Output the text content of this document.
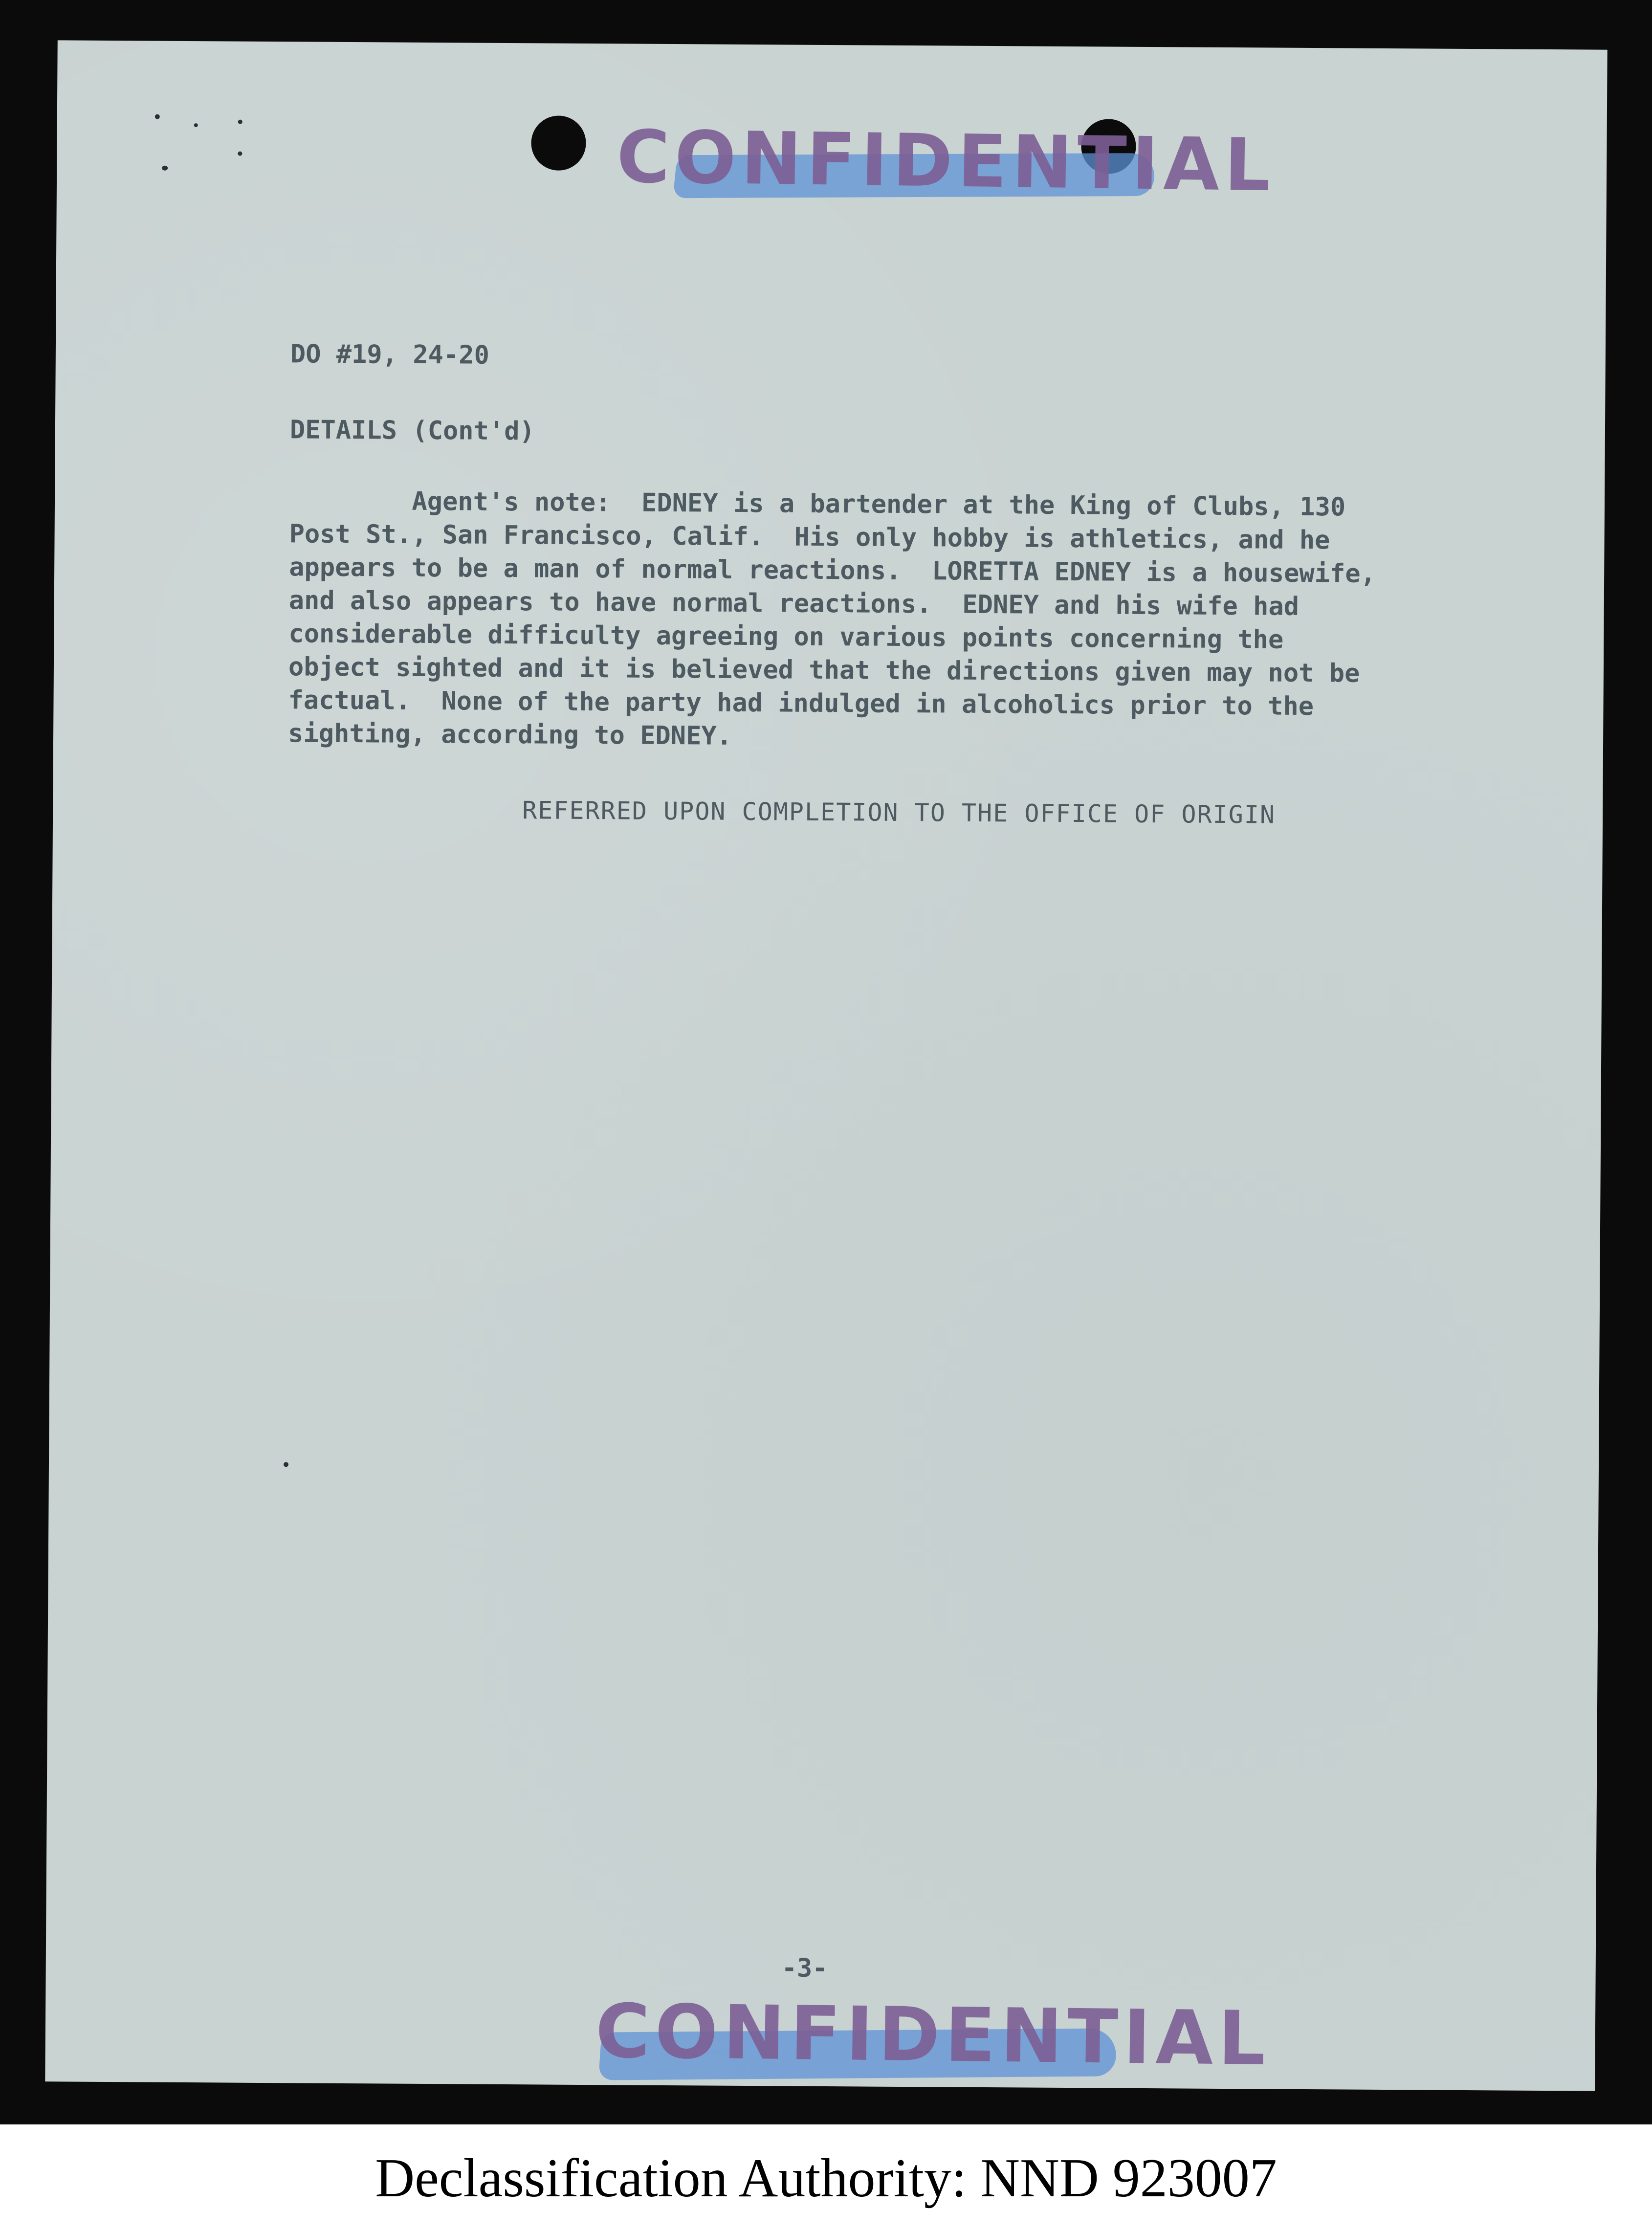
CONFIDENTIAL
DO #19, 24-20
DETAILS (Cont'd)
Agent's note:  EDNEY is a bartender at the King of Clubs, 130
Post St., San Francisco, Calif.  His only hobby is athletics, and he
appears to be a man of normal reactions.  LORETTA EDNEY is a housewife,
and also appears to have normal reactions.  EDNEY and his wife had
considerable difficulty agreeing on various points concerning the
object sighted and it is believed that the directions given may not be
factual.  None of the party had indulged in alcoholics prior to the
sighting, according to EDNEY.
REFERRED UPON COMPLETION TO THE OFFICE OF ORIGIN
-3-
CONFIDENTIAL
Declassification Authority: NND 923007
